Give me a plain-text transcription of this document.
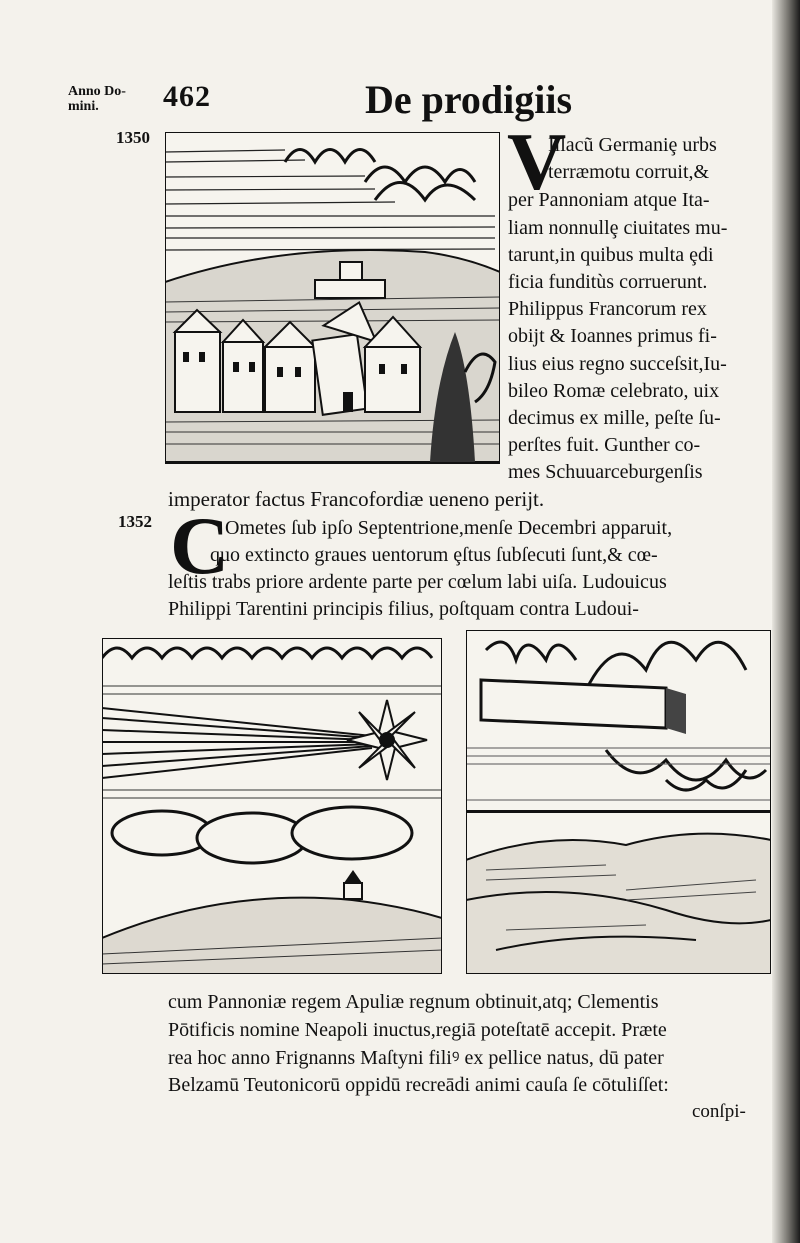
Anno Do-
mini.	462	De prodigiis
1350
1352
V
Illacũ Germaniȩ urbs
terræmotu corruit,&
per Pannoniam atque Ita-
liam nonnullȩ ciuitates mu-
tarunt,in quibus multa ȩdi
ficia funditùs corruerunt.
Philippus Francorum rex
obijt & Ioannes primus fi-
lius eius regno succeſsit,Iu-
bileo Romæ celebrato, uix
decimus ex mille, peſte ſu-
perſtes fuit. Gunther co-
mes Schuuarceburgenſis
imperator factus Francofordiæ ueneno perijt.
C
Ometes ſub ipſo Septentrione,menſe Decembri apparuit,
quo extincto graues uentorum ȩſtus ſubſecuti ſunt,& cœ-
leſtis trabs priore ardente parte per cœlum labi uiſa. Ludouicus
Philippi Tarentini principis filius, poſtquam contra Ludoui-
cum Pannoniæ regem Apuliæ regnum obtinuit,atq; Clementis
Pōtificis nomine Neapoli inuctus,regiā poteſtatē accepit. Præte
rea hoc anno Frignanns Maſtyni filiꝰ ex pellice natus, dū pater
Belzamū Teutonicorū oppidū recreādi animi cauſa ſe cōtuliſſet:
conſpi-
